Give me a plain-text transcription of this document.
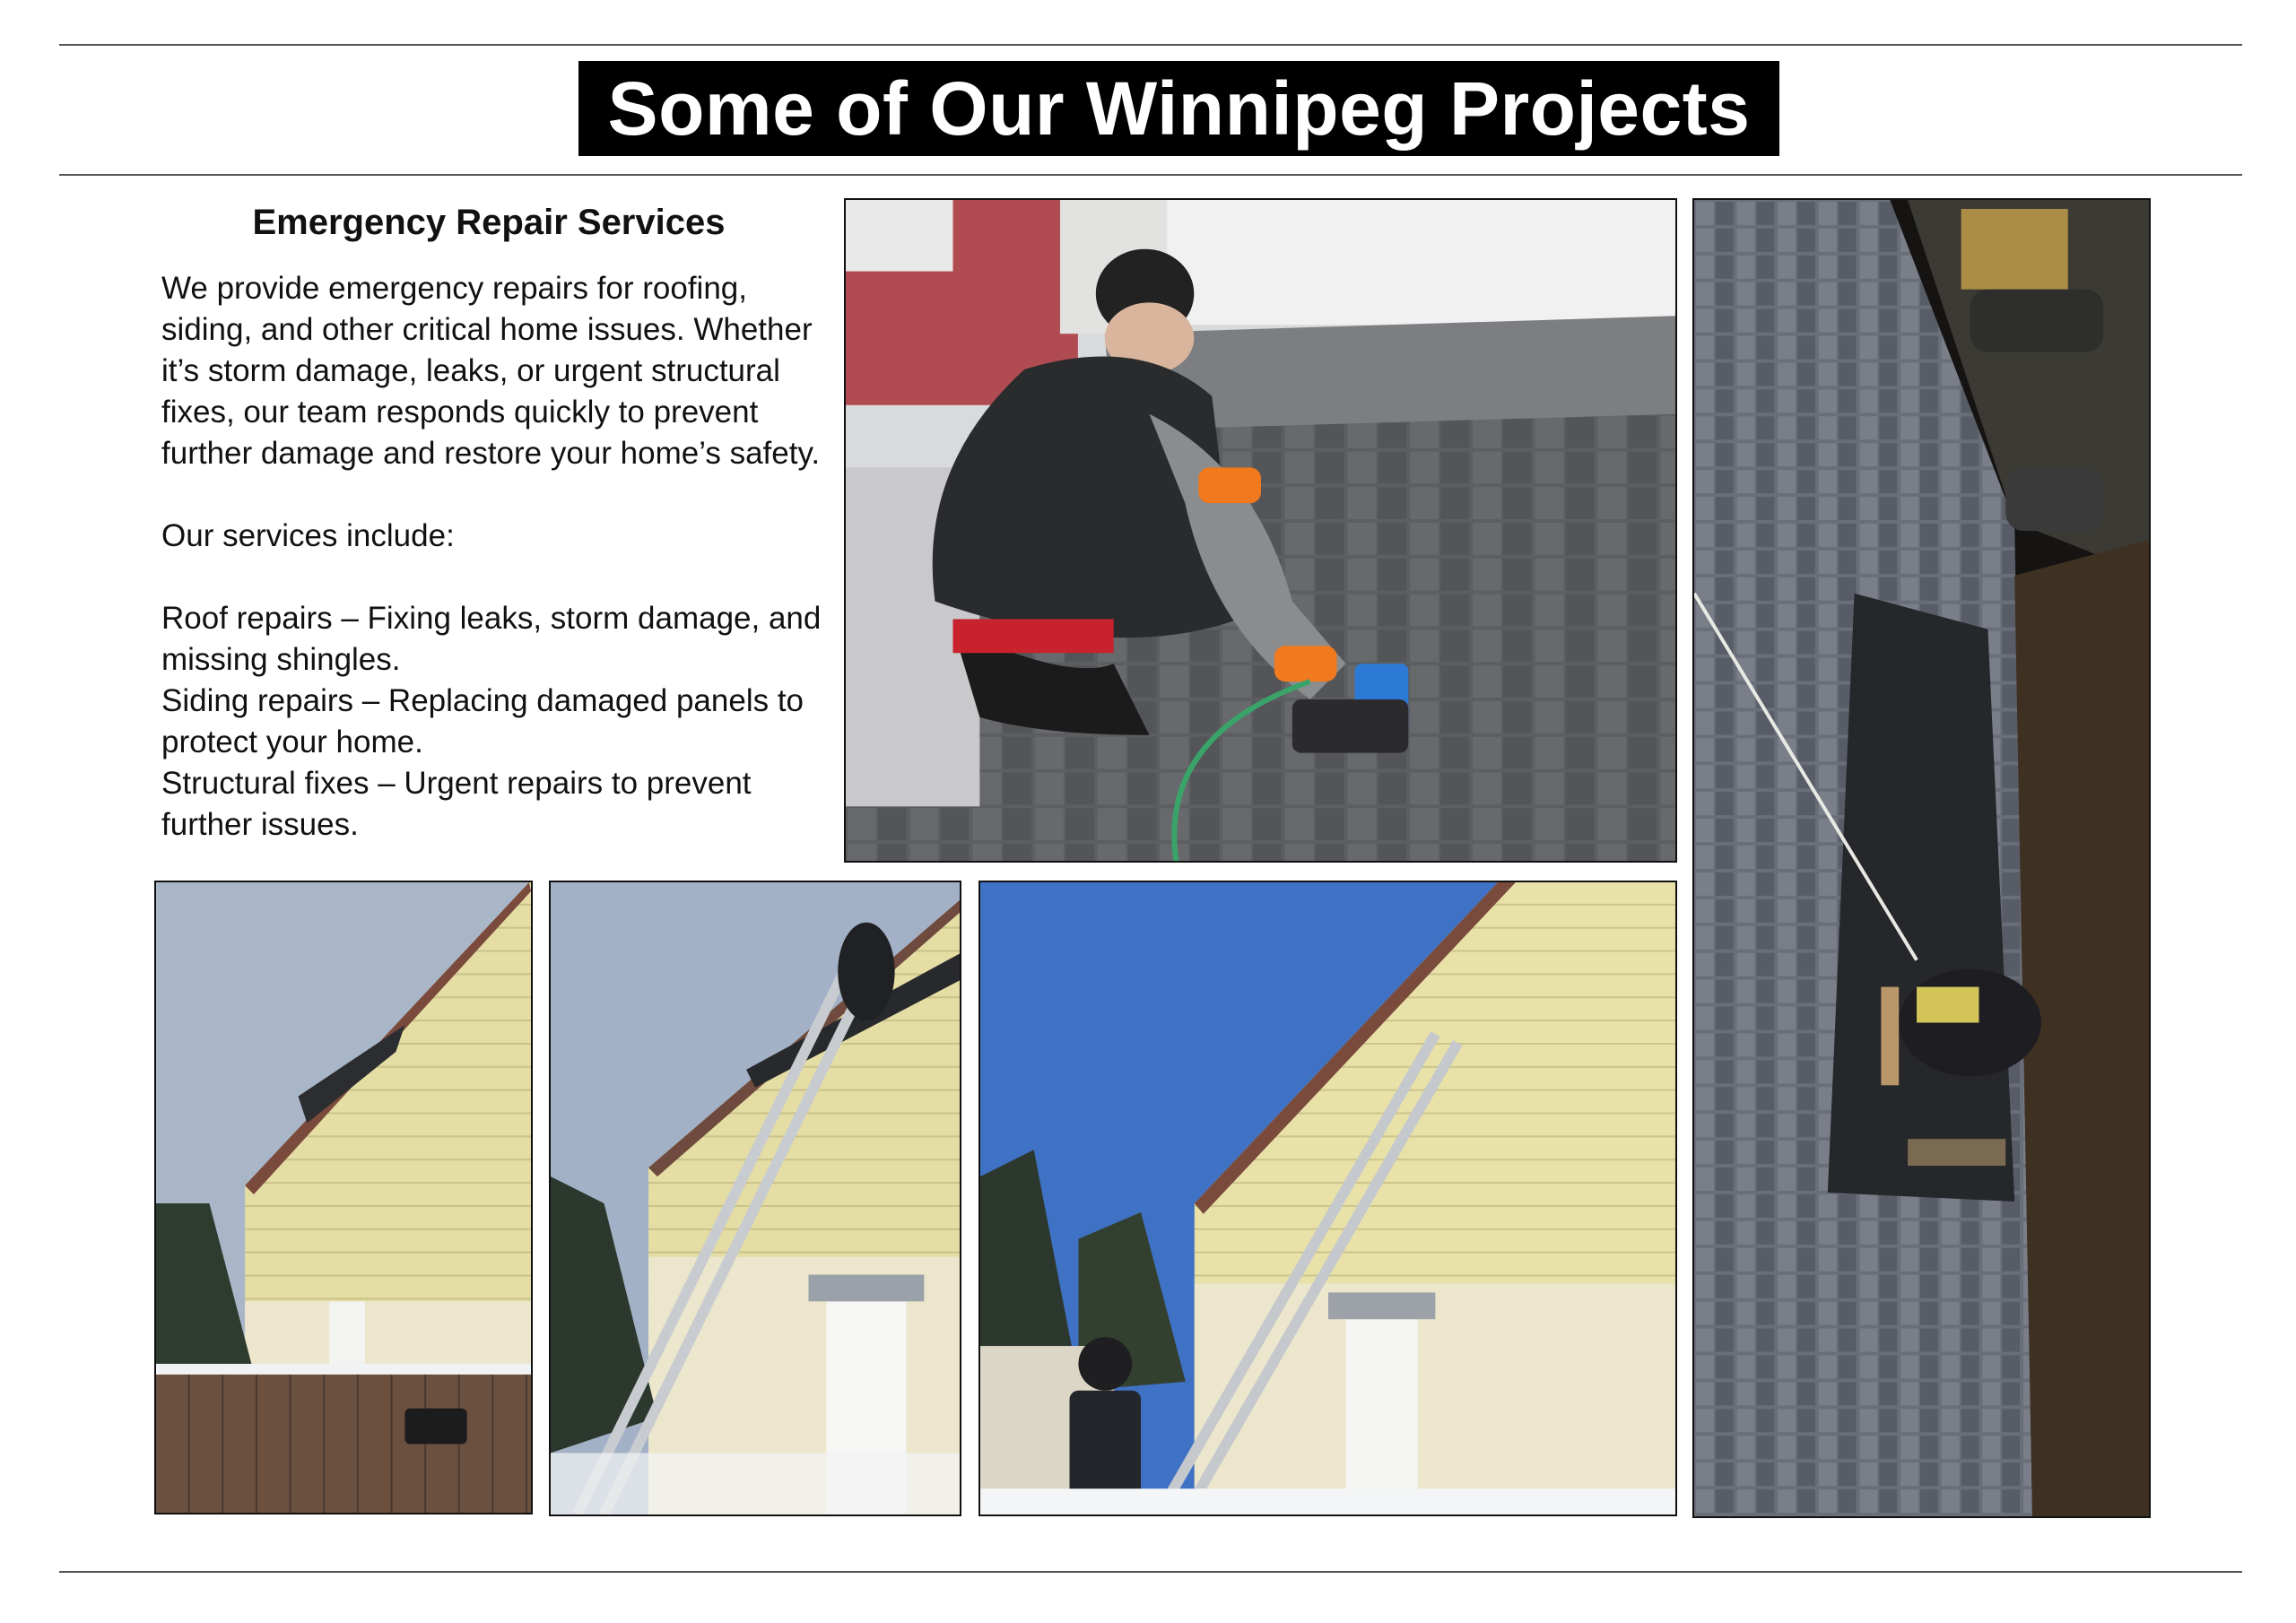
Some of Our Winnipeg Projects
Emergency Repair Services

We provide emergency repairs for roofing,
siding, and other critical home issues. Whether
it’s storm damage, leaks, or urgent structural
fixes, our team responds quickly to prevent
further damage and restore your home’s safety.

Our services include:

Roof repairs – Fixing leaks, storm damage, and
missing shingles.
Siding repairs – Replacing damaged panels to
protect your home.
Structural fixes – Urgent repairs to prevent
further issues.
